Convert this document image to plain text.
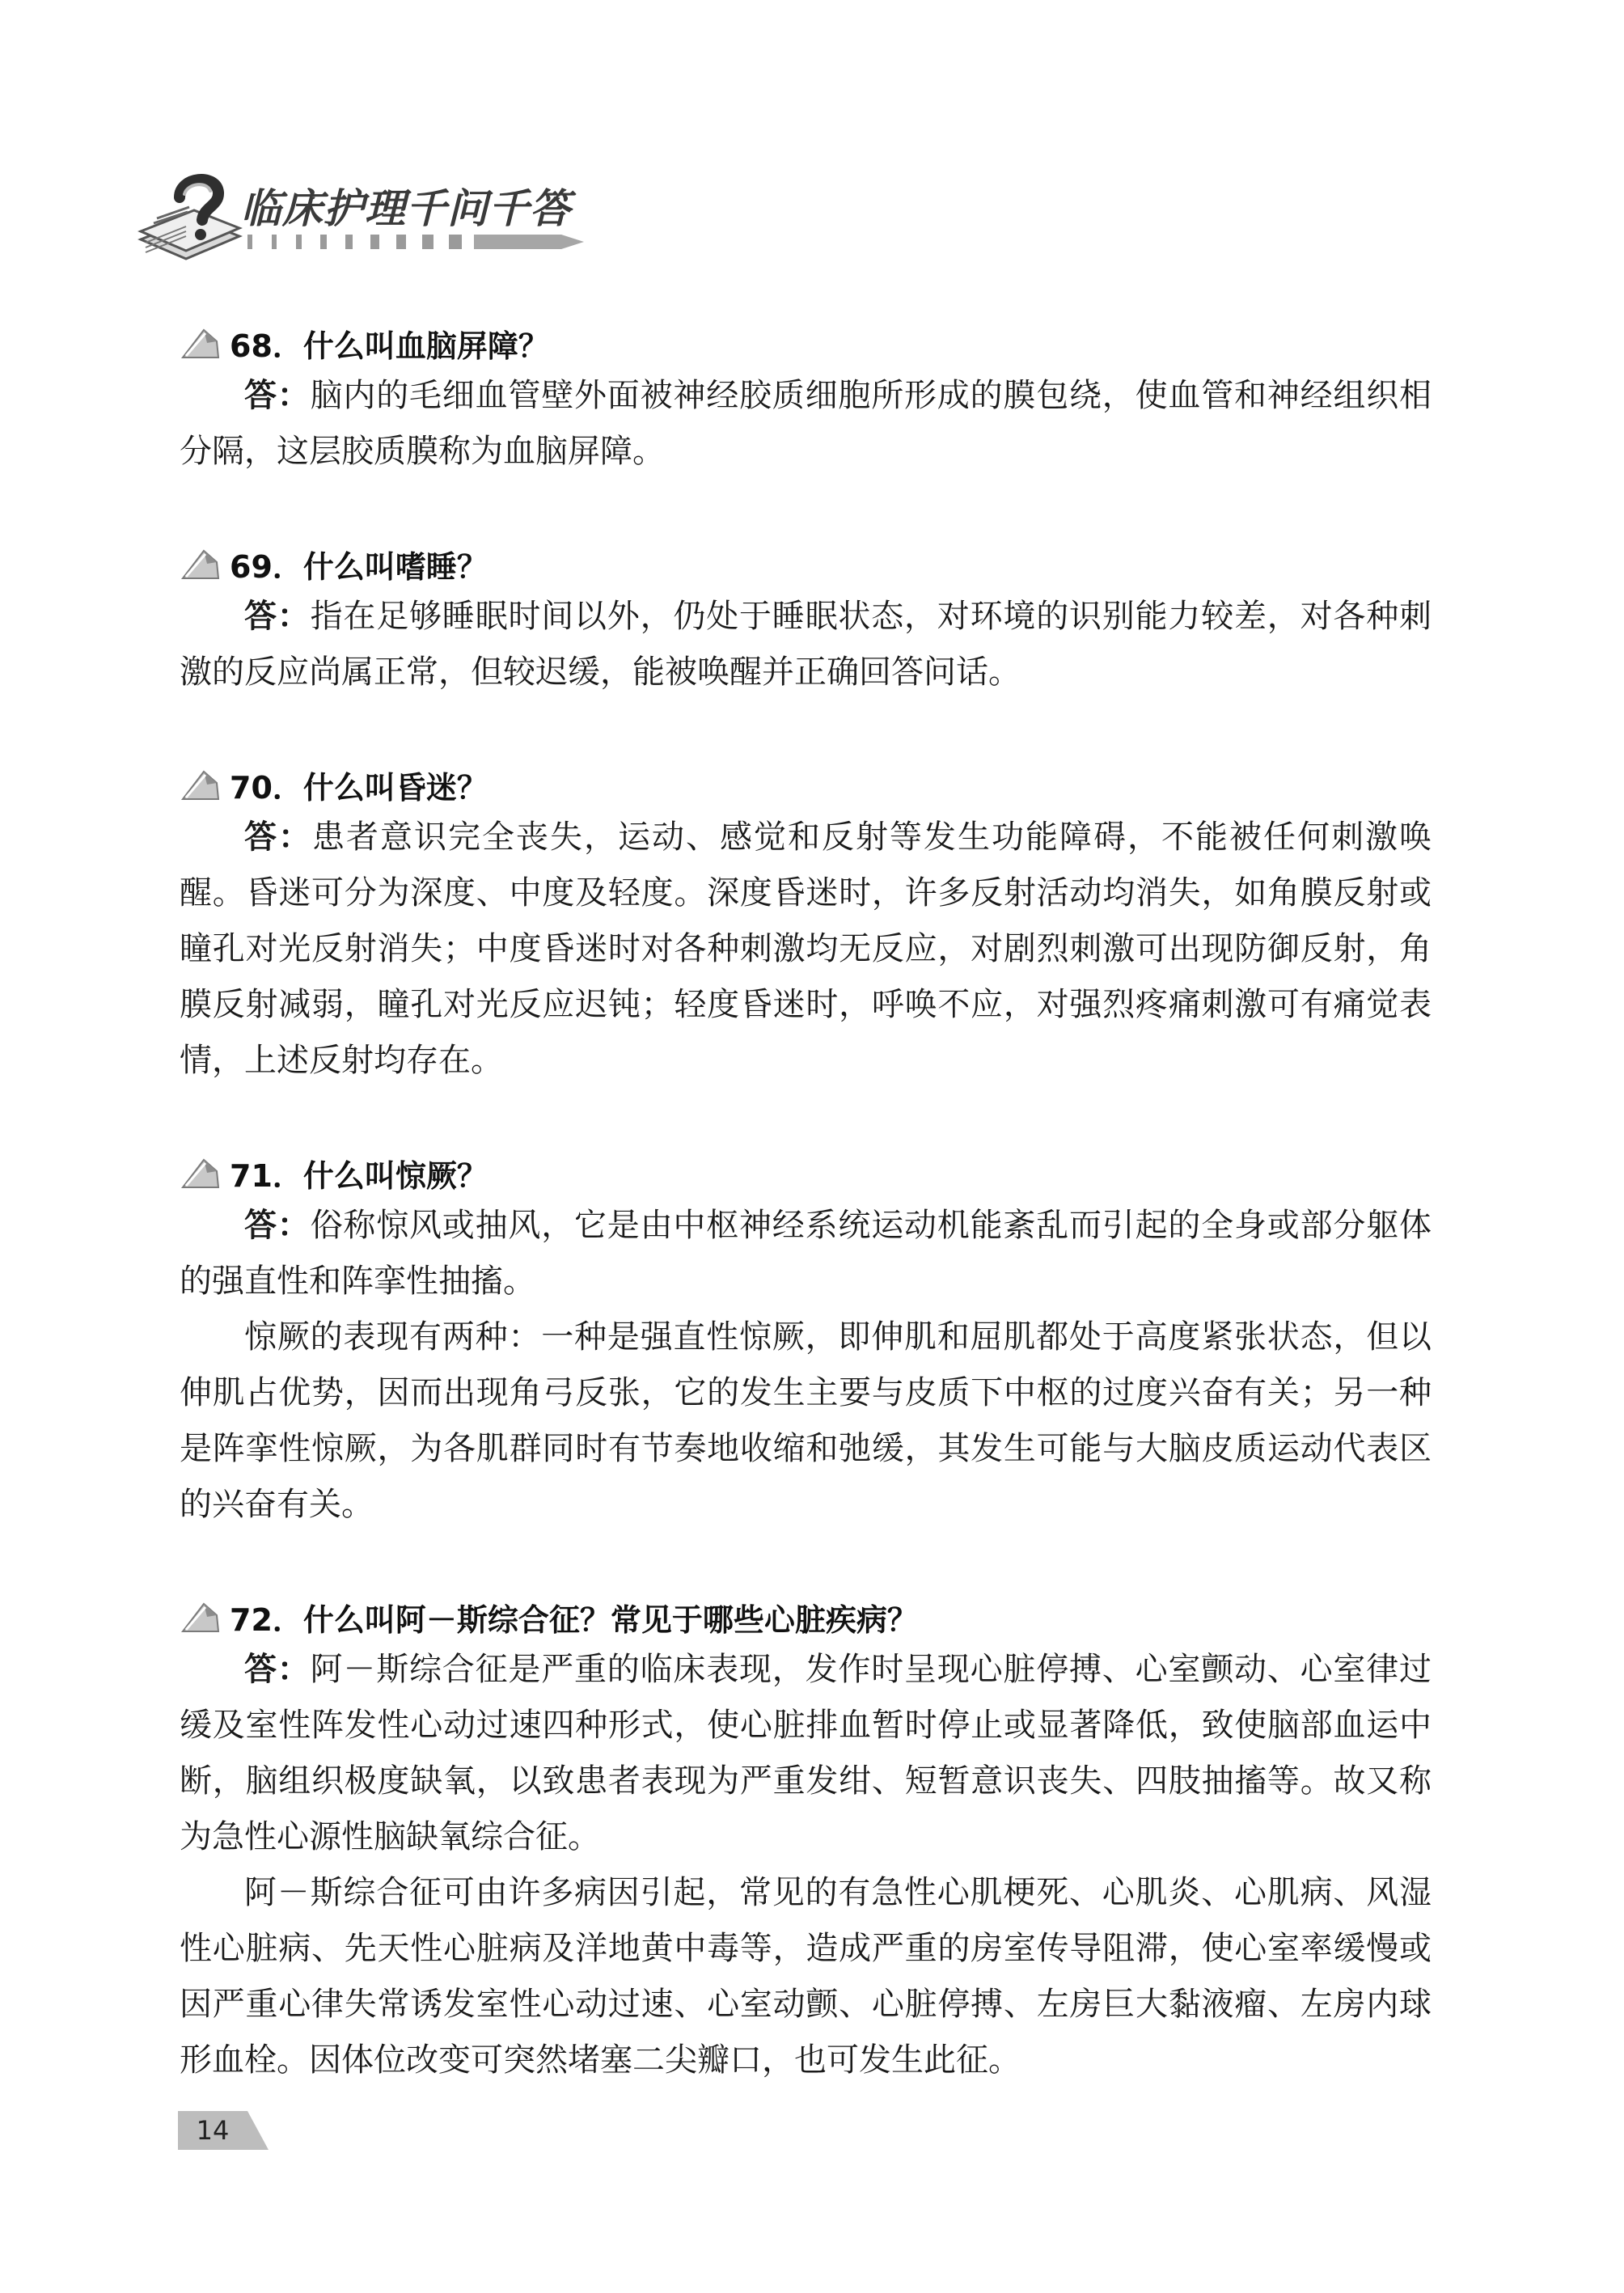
临床护理千问千答
68．什么叫血脑屏障？

答：脑内的毛细血管壁外面被神经胶质细胞所形成的膜包绕，使血管和神经组织相分隔，这层胶质膜称为血脑屏障。

69．什么叫嗜睡？

答：指在足够睡眠时间以外，仍处于睡眠状态，对环境的识别能力较差，对各种刺激的反应尚属正常，但较迟缓，能被唤醒并正确回答问话。

70．什么叫昏迷？

答：患者意识完全丧失，运动、感觉和反射等发生功能障碍，不能被任何刺激唤醒。昏迷可分为深度、中度及轻度。深度昏迷时，许多反射活动均消失，如角膜反射或瞳孔对光反射消失；中度昏迷时对各种刺激均无反应，对剧烈刺激可出现防御反射，角膜反射减弱，瞳孔对光反应迟钝；轻度昏迷时，呼唤不应，对强烈疼痛刺激可有痛觉表情，上述反射均存在。

71．什么叫惊厥？

答：俗称惊风或抽风，它是由中枢神经系统运动机能紊乱而引起的全身或部分躯体的强直性和阵挛性抽搐。

惊厥的表现有两种：一种是强直性惊厥，即伸肌和屈肌都处于高度紧张状态，但以伸肌占优势，因而出现角弓反张，它的发生主要与皮质下中枢的过度兴奋有关；另一种是阵挛性惊厥，为各肌群同时有节奏地收缩和弛缓，其发生可能与大脑皮质运动代表区的兴奋有关。

72．什么叫阿－斯综合征？常见于哪些心脏疾病？

答：阿－斯综合征是严重的临床表现，发作时呈现心脏停搏、心室颤动、心室律过缓及室性阵发性心动过速四种形式，使心脏排血暂时停止或显著降低，致使脑部血运中断，脑组织极度缺氧，以致患者表现为严重发绀、短暂意识丧失、四肢抽搐等。故又称为急性心源性脑缺氧综合征。

阿－斯综合征可由许多病因引起，常见的有急性心肌梗死、心肌炎、心肌病、风湿性心脏病、先天性心脏病及洋地黄中毒等，造成严重的房室传导阻滞，使心室率缓慢或因严重心律失常诱发室性心动过速、心室动颤、心脏停搏、左房巨大黏液瘤、左房内球形血栓。因体位改变可突然堵塞二尖瓣口，也可发生此征。

14
